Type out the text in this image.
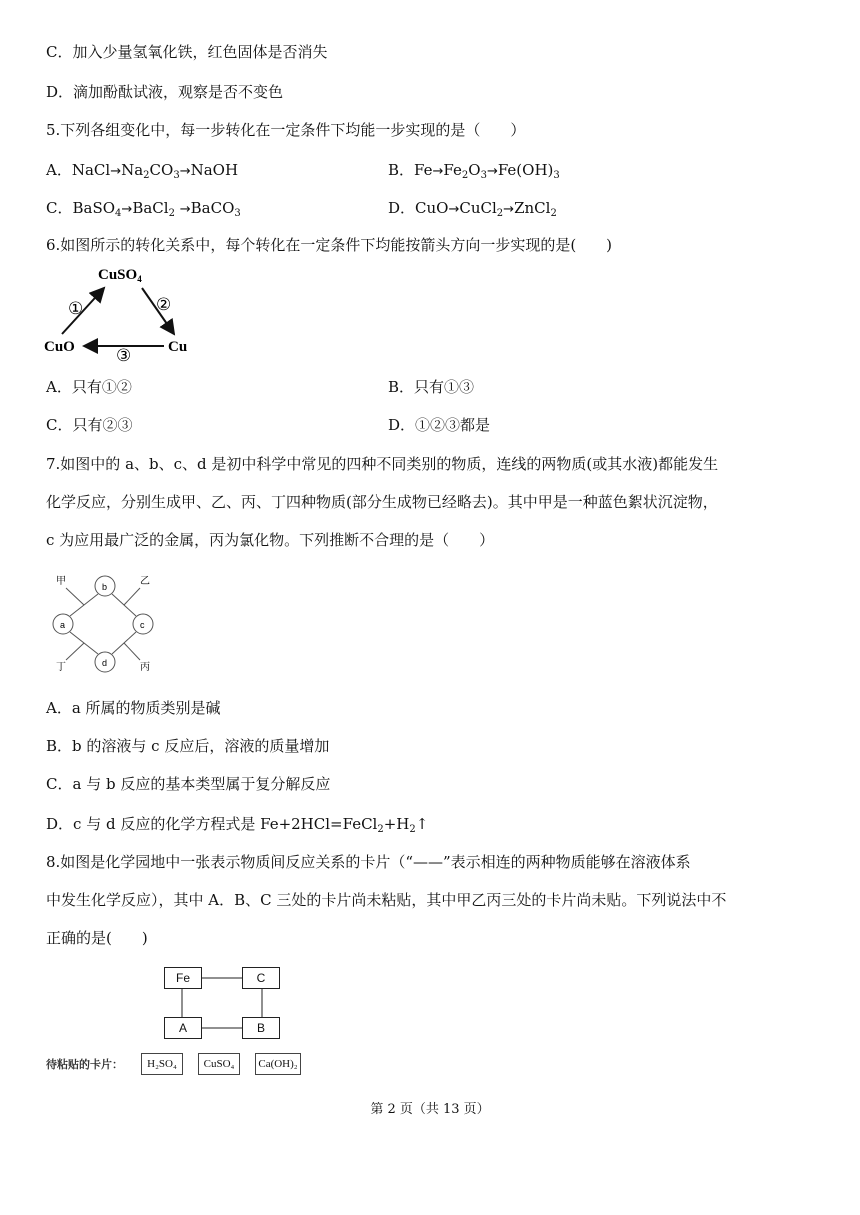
C．加入少量氢氧化铁，红色固体是否消失
D．滴加酚酞试液，观察是否不变色
5.下列各组变化中，每一步转化在一定条件下均能一步实现的是（　　）
A．$NaCl\to Na_2CO_3\to NaOH$	B．$Fe\to Fe_2O_3\to Fe(OH)_3$
C．BaSO$_4$→BaCl$_2$ →BaCO$_3$	D．CuO→CuCl$_2$→ZnCl$_2$
6.如图所示的转化关系中，每个转化在一定条件下均能按箭头方向一步实现的是(　　)
CuSO$_4$
CuO	Cu
①	②
③
A．只有①②	B．只有①③
C．只有②③	D．①②③都是
7.如图中的 a、b、c、d 是初中科学中常见的四种不同类别的物质，连线的两物质(或其水液)都能发生
化学反应，分别生成甲、乙、丙、丁四种物质(部分生成物已经略去)。其中甲是一种蓝色絮状沉淀物，
c 为应用最广泛的金属，丙为氯化物。下列推断不合理的是（　　）
b
a	c
d
甲	乙
丙
丁
A．a 所属的物质类别是碱
B．b 的溶液与 c 反应后，溶液的质量增加
C．a 与 b 反应的基本类型属于复分解反应
D．c 与 d 反应的化学方程式是 $Fe+2HCl=FeCl_2+H_2↑$
8.如图是化学园地中一张表示物质间反应关系的卡片（“——”表示相连的两种物质能够在溶液体系
中发生化学反应），其中 A．B、C 三处的卡片尚未粘贴，其中甲乙丙三处的卡片尚未贴。下列说法中不
正确的是(　　)
Fe	C
A	B
待粘贴的卡片：	H₂SO₄	CuSO₄	Ca(OH)₂
第 2 页（共 13 页）
